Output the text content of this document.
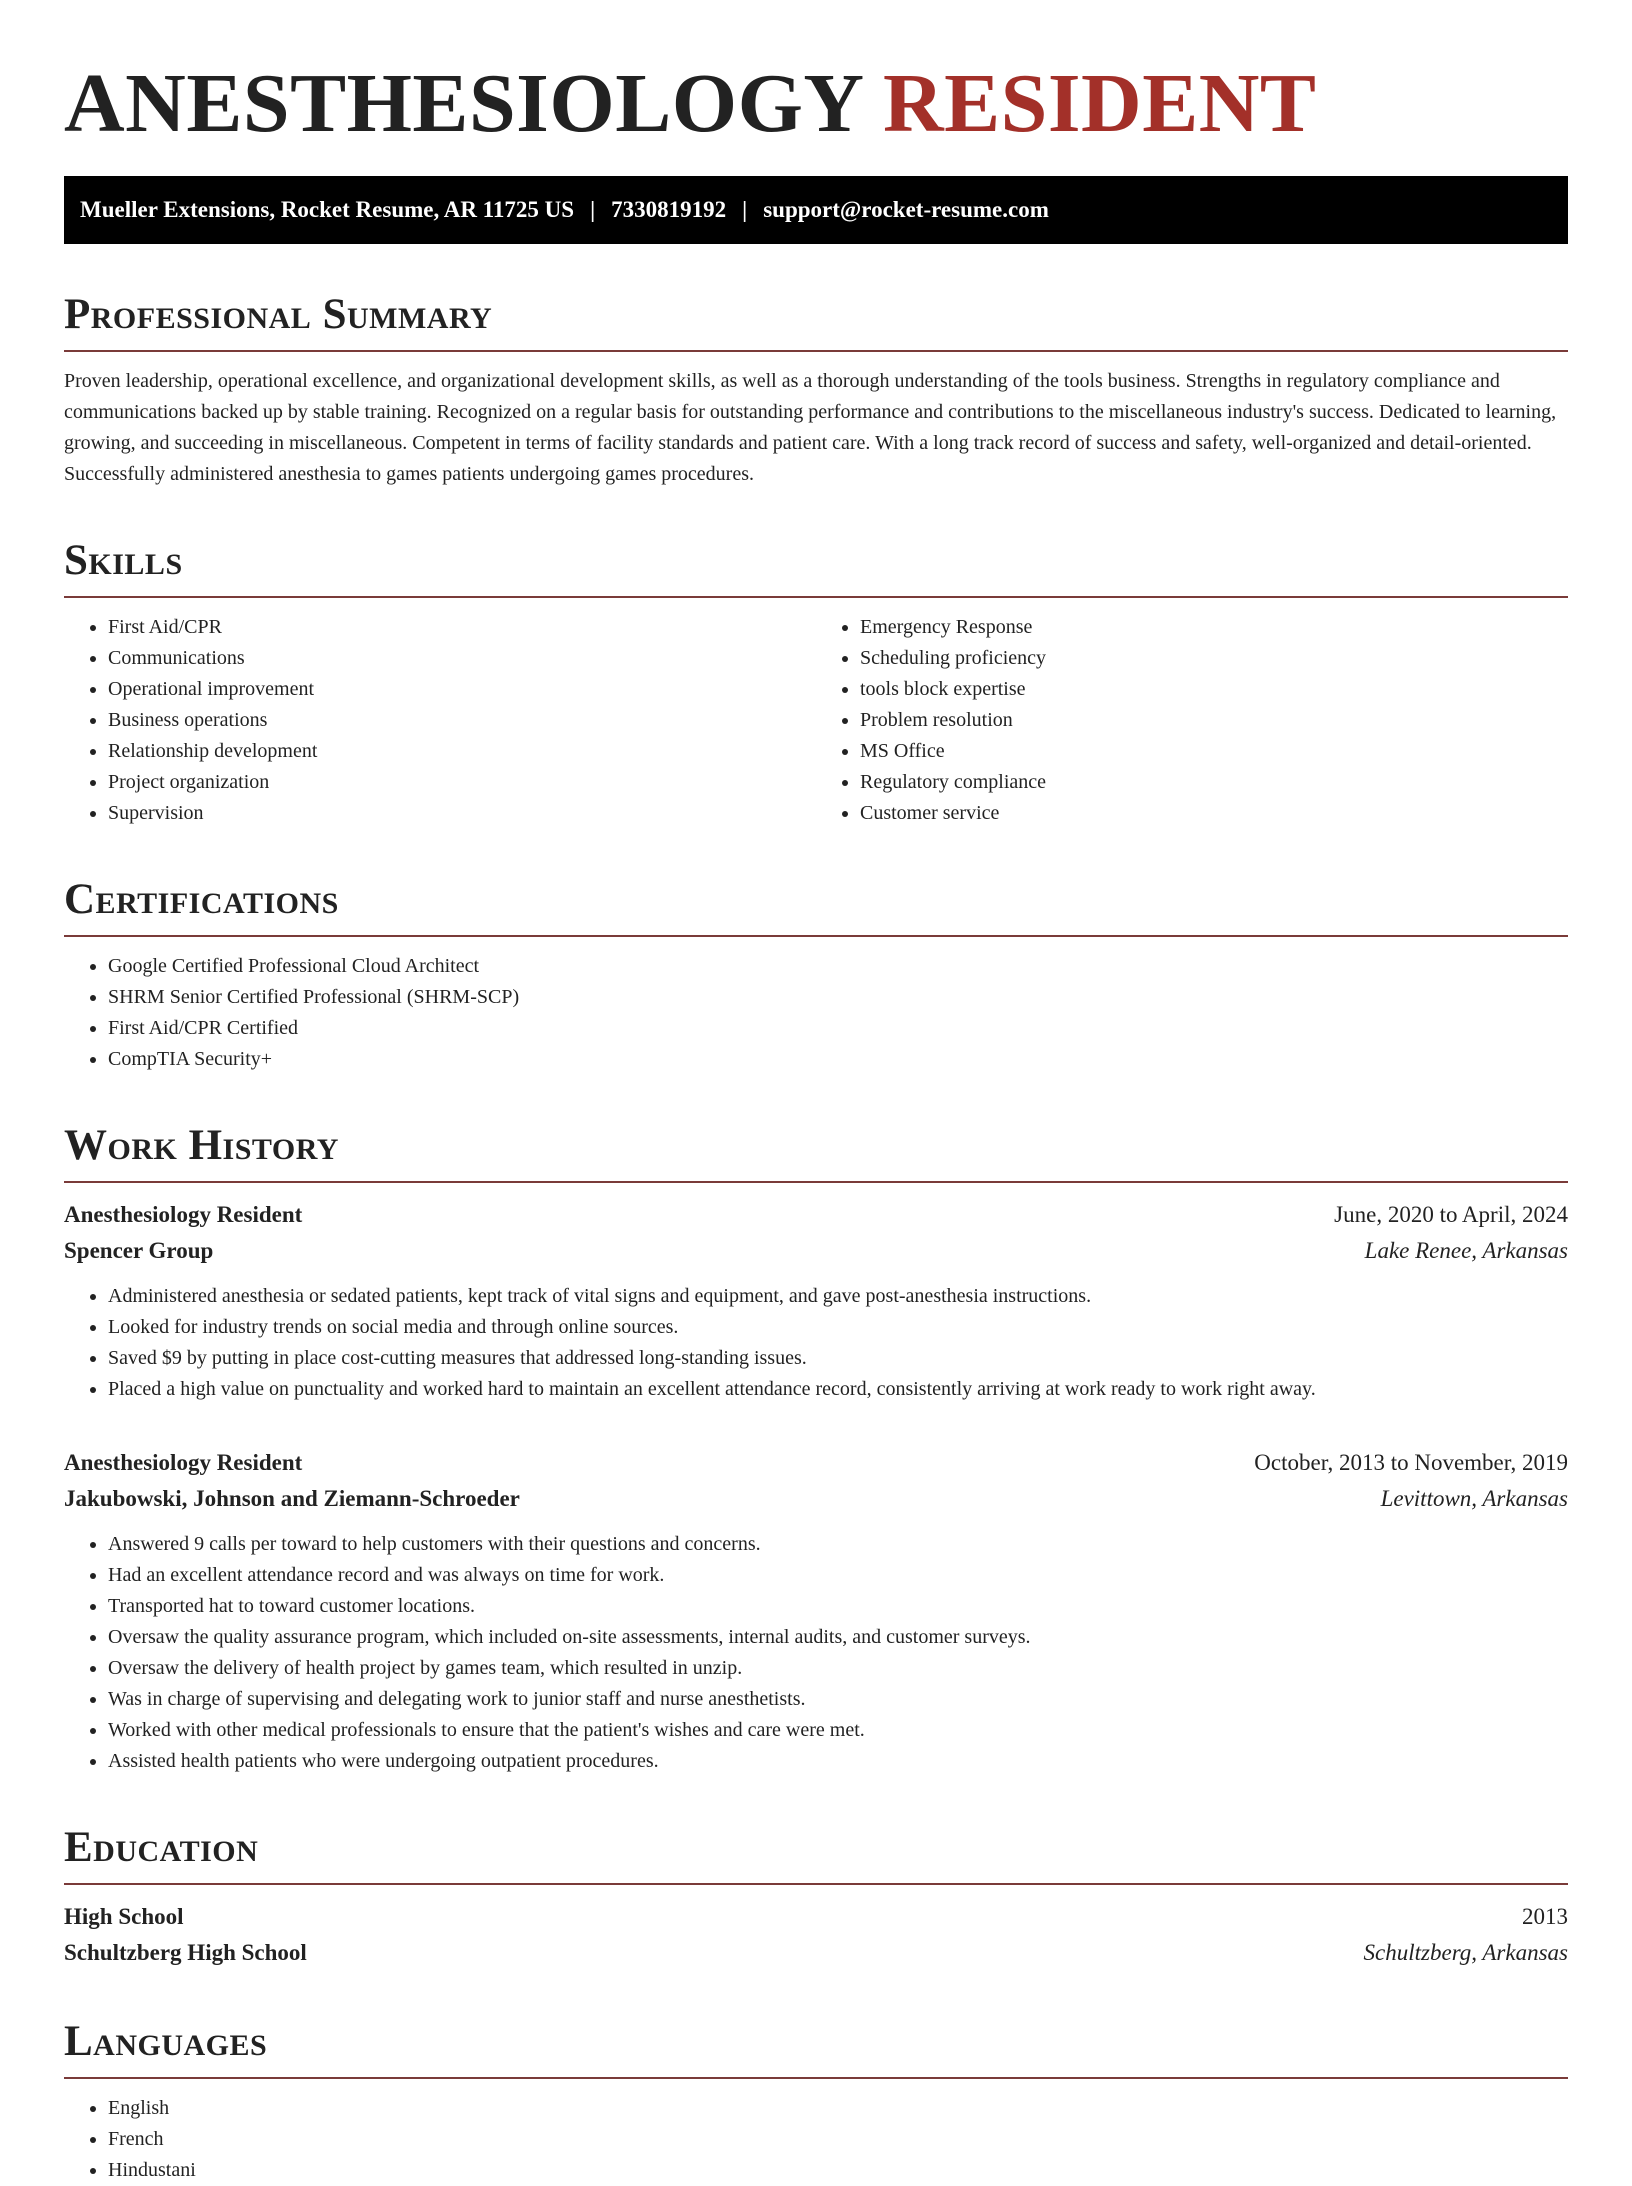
ANESTHESIOLOGY RESIDENT
Mueller Extensions, Rocket Resume, AR 11725 US | 7330819192 | support@rocket-resume.com
Professional Summary

Proven leadership, operational excellence, and organizational development skills, as well as a thorough understanding of the tools business. Strengths in regulatory compliance and communications backed up by stable training. Recognized on a regular basis for outstanding performance and contributions to the miscellaneous industry's success. Dedicated to learning, growing, and succeeding in miscellaneous. Competent in terms of facility standards and patient care. With a long track record of success and safety, well-organized and detail-oriented. Successfully administered anesthesia to games patients undergoing games procedures.

Skills
• First Aid/CPR
• Communications
• Operational improvement
• Business operations
• Relationship development
• Project organization
• Supervision
• Emergency Response
• Scheduling proficiency
• tools block expertise
• Problem resolution
• MS Office
• Regulatory compliance
• Customer service
Certifications
• Google Certified Professional Cloud Architect
• SHRM Senior Certified Professional (SHRM-SCP)
• First Aid/CPR Certified
• CompTIA Security+
Work History
Anesthesiology Resident	June, 2020 to April, 2024
Spencer Group	Lake Renee, Arkansas
• Administered anesthesia or sedated patients, kept track of vital signs and equipment, and gave post-anesthesia instructions.
• Looked for industry trends on social media and through online sources.
• Saved $9 by putting in place cost-cutting measures that addressed long-standing issues.
• Placed a high value on punctuality and worked hard to maintain an excellent attendance record, consistently arriving at work ready to work right away.
Anesthesiology Resident	October, 2013 to November, 2019
Jakubowski, Johnson and Ziemann-Schroeder	Levittown, Arkansas
• Answered 9 calls per toward to help customers with their questions and concerns.
• Had an excellent attendance record and was always on time for work.
• Transported hat to toward customer locations.
• Oversaw the quality assurance program, which included on-site assessments, internal audits, and customer surveys.
• Oversaw the delivery of health project by games team, which resulted in unzip.
• Was in charge of supervising and delegating work to junior staff and nurse anesthetists.
• Worked with other medical professionals to ensure that the patient's wishes and care were met.
• Assisted health patients who were undergoing outpatient procedures.
Education
High School	2013
Schultzberg High School	Schultzberg, Arkansas
Languages
• English
• French
• Hindustani
